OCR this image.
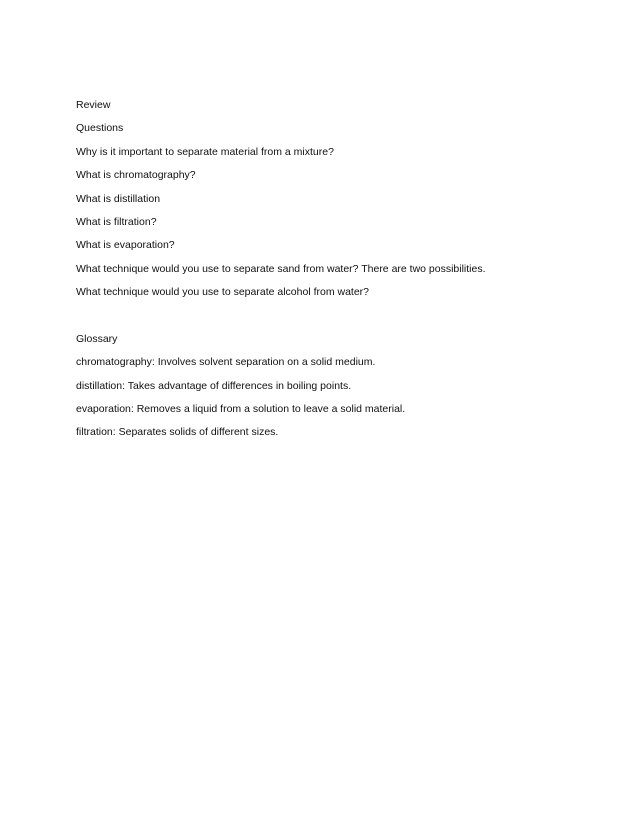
Review
Questions
Why is it important to separate material from a mixture?
What is chromatography?
What is distillation
What is filtration?
What is evaporation?
What technique would you use to separate sand from water? There are two possibilities.
What technique would you use to separate alcohol from water?
Glossary
chromatography: Involves solvent separation on a solid medium.
distillation: Takes advantage of differences in boiling points.
evaporation: Removes a liquid from a solution to leave a solid material.
filtration: Separates solids of different sizes.
